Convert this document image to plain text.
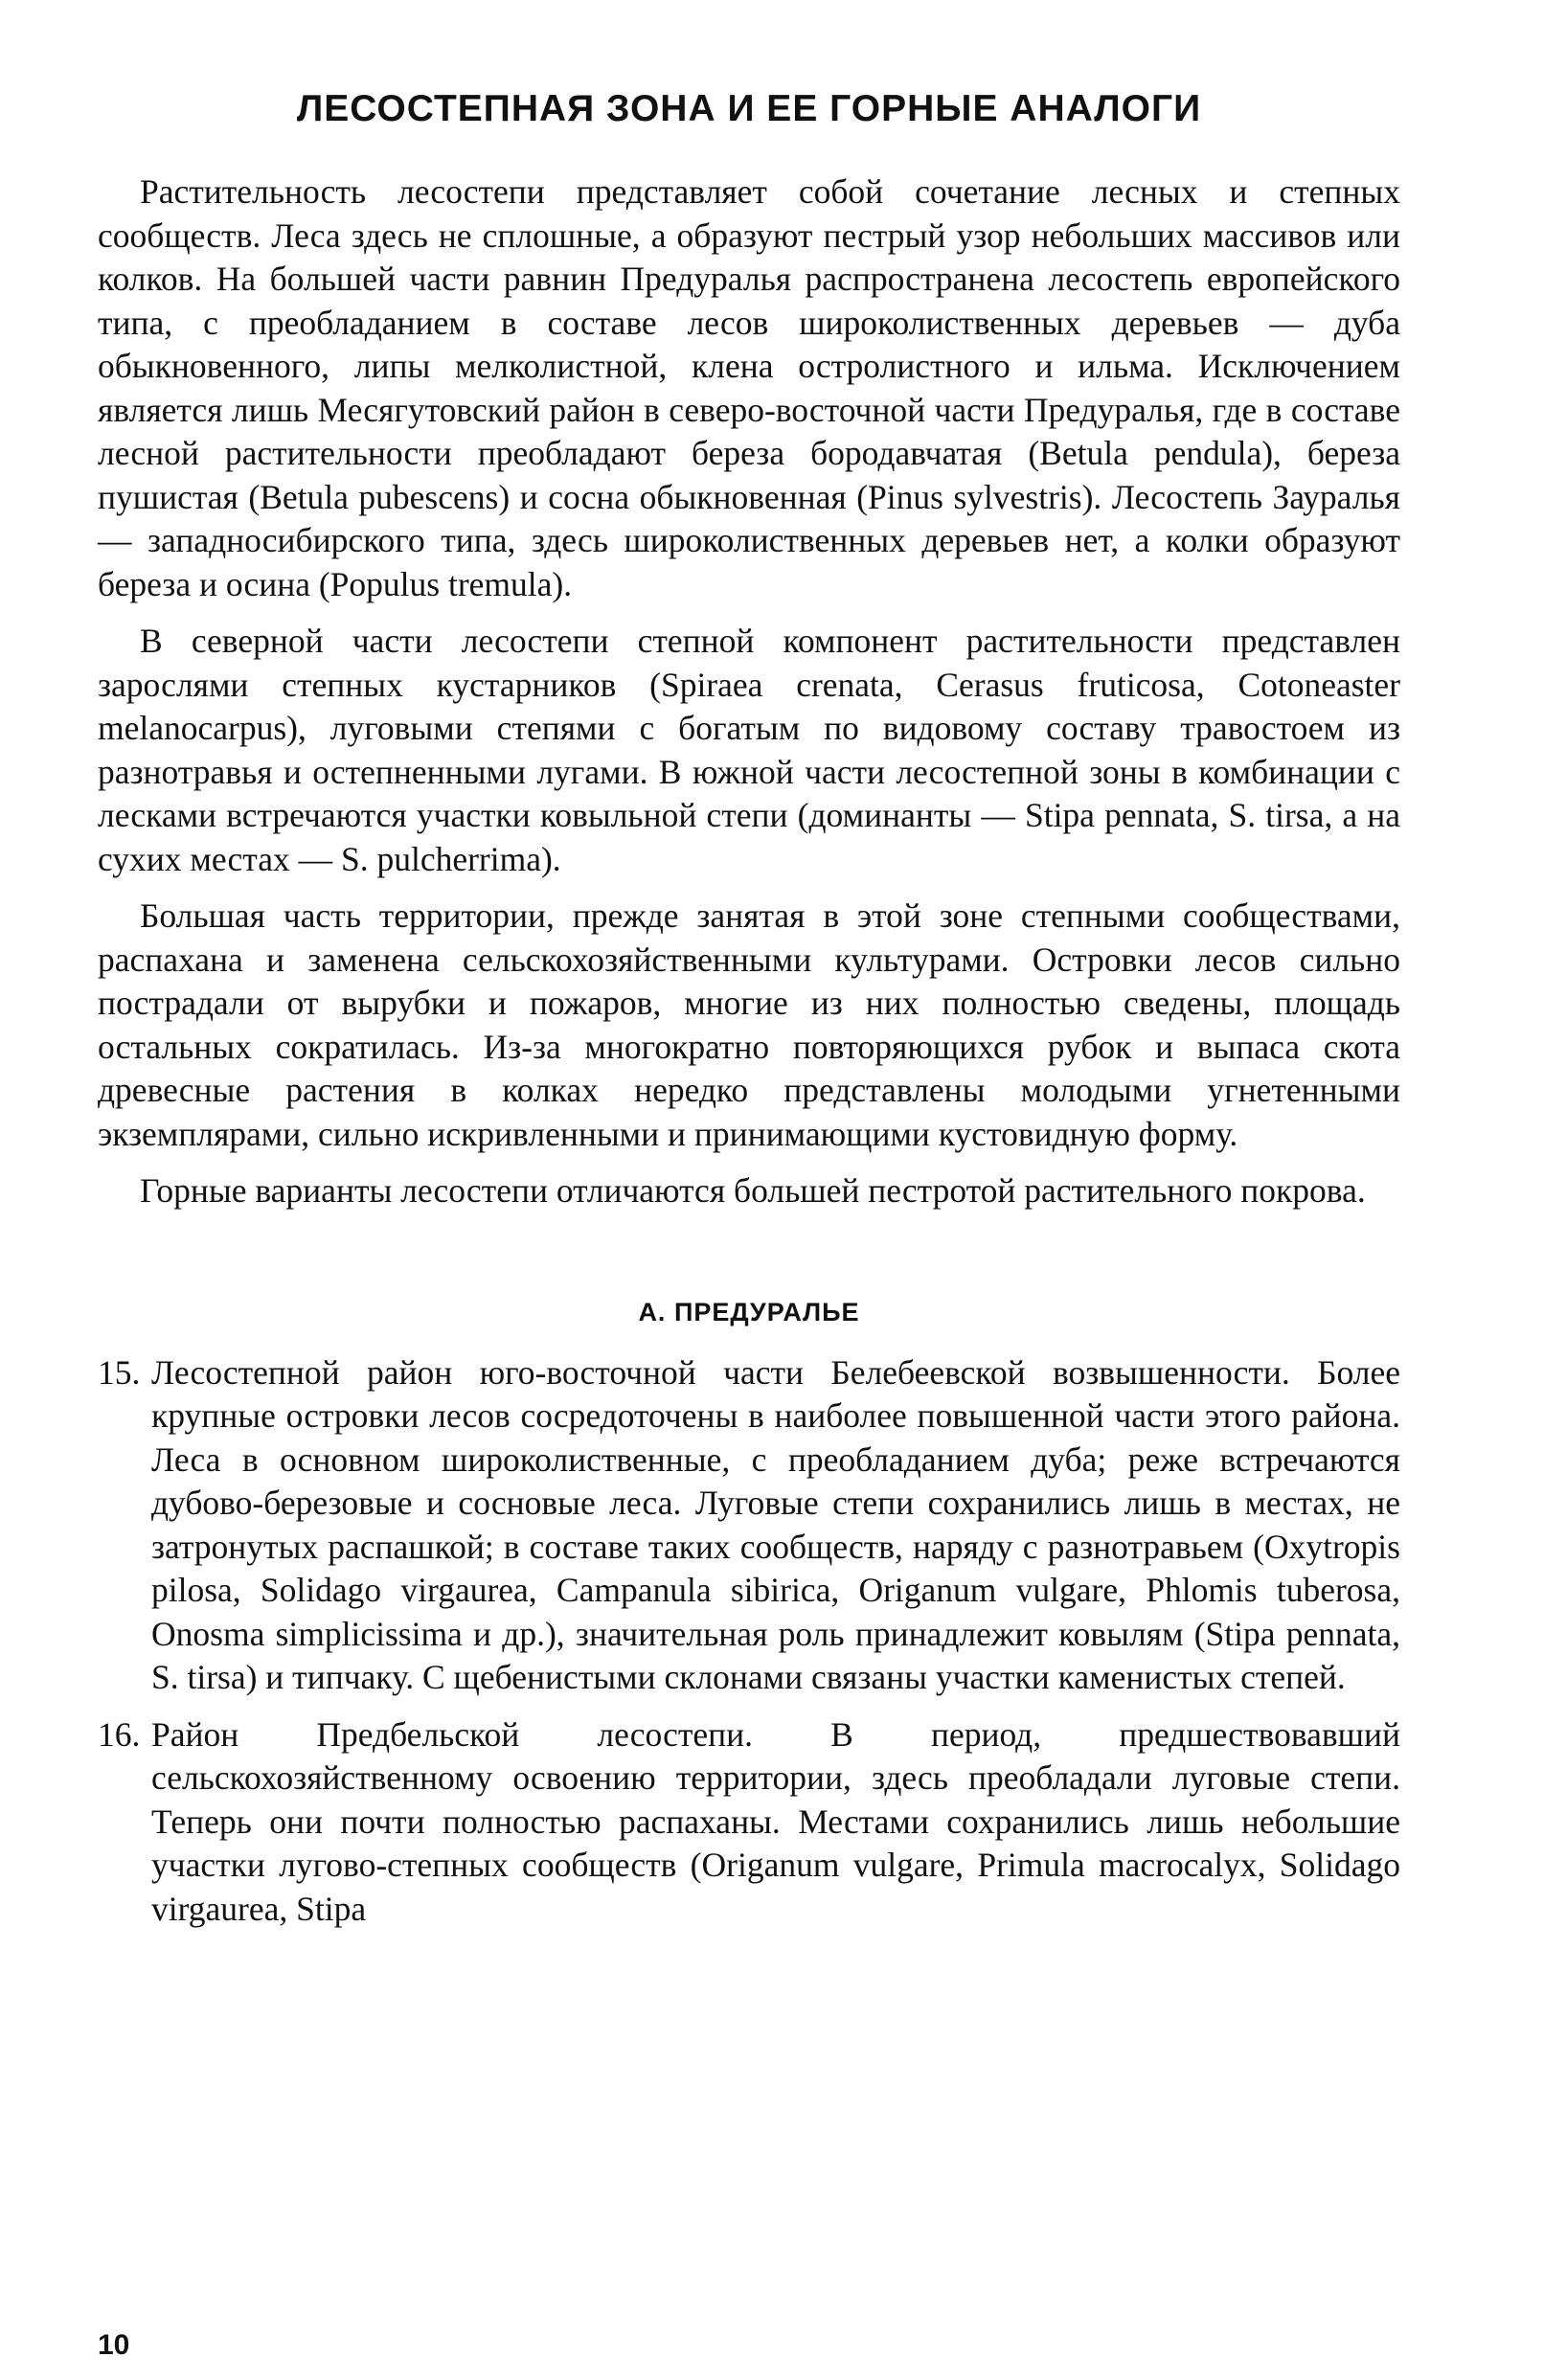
ЛЕСОСТЕПНАЯ ЗОНА И ЕЕ ГОРНЫЕ АНАЛОГИ

Растительность лесостепи представляет собой сочетание лесных и степных сообществ. Леса здесь не сплошные, а образуют пестрый узор небольших массивов или колков. На большей части равнин Предуралья распространена лесостепь европейского типа, с преобладанием в составе лесов широколиственных деревьев — дуба обыкновенного, липы мелколистной, клена остролистного и ильма. Исключением является лишь Месягутовский район в северо-восточной части Предуралья, где в составе лесной растительности преобладают береза бородавчатая (Betula pendula), береза пушистая (Betula pubescens) и сосна обыкновенная (Pinus sylvestris). Лесостепь Зауралья — западносибирского типа, здесь широколиственных деревьев нет, а колки образуют береза и осина (Populus tremula).

В северной части лесостепи степной компонент растительности представлен зарослями степных кустарников (Spiraea crenata, Cerasus fruticosa, Cotoneaster melanocarpus), луговыми степями с богатым по видовому составу травостоем из разнотравья и остепненными лугами. В южной части лесостепной зоны в комбинации с лесками встречаются участки ковыльной степи (доминанты — Stipa pennata, S. tirsa, а на сухих местах — S. pulcherrima).

Большая часть территории, прежде занятая в этой зоне степными сообществами, распахана и заменена сельскохозяйственными культурами. Островки лесов сильно пострадали от вырубки и пожаров, многие из них полностью сведены, площадь остальных сократилась. Из-за многократно повторяющихся рубок и выпаса скота древесные растения в колках нередко представлены молодыми угнетенными экземплярами, сильно искривленными и принимающими кустовидную форму.

Горные варианты лесостепи отличаются большей пестротой растительного покрова.

А. ПРЕДУРАЛЬЕ
15. Лесостепной район юго-восточной части Белебеевской возвышенности. Более крупные островки лесов сосредоточены в наиболее повышенной части этого района. Леса в основном широколиственные, с преобладанием дуба; реже встречаются дубово-березовые и сосновые леса. Луговые степи сохранились лишь в местах, не затронутых распашкой; в составе таких сообществ, наряду с разнотравьем (Oxytropis pilosa, Solidago virgaurea, Campanula sibirica, Origanum vulgare, Phlomis tuberosa, Onosma simplicissima и др.), значительная роль принадлежит ковылям (Stipa pennata, S. tirsa) и типчаку. С щебенистыми склонами связаны участки каменистых степей.
16. Район Предбельской лесостепи. В период, предшествовавший сельскохозяйственному освоению территории, здесь преобладали луговые степи. Теперь они почти полностью распаханы. Местами сохранились лишь небольшие участки лугово-степных сообществ (Origanum vulgare, Primula macrocalyx, Solidago virgaurea, Stipa
10
